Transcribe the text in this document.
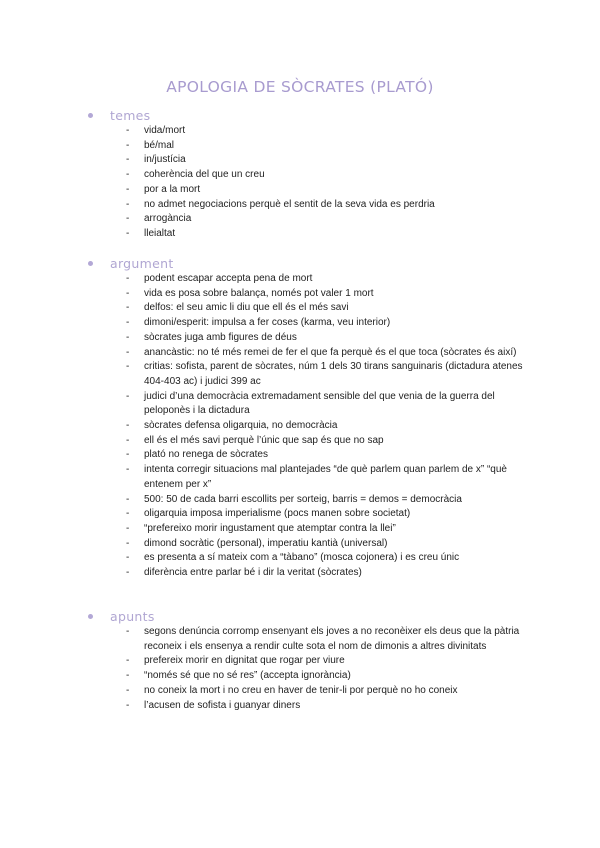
APOLOGIA DE SÒCRATES (PLATÓ)
temes
- vida/mort
- bé/mal
- in/justícia
- coherència del que un creu
- por a la mort
- no admet negociacions perquè el sentit de la seva vida es perdria
- arrogància
- lleialtat
argument
- podent escapar accepta pena de mort
- vida es posa sobre balança, només pot valer 1 mort
- delfos: el seu amic li diu que ell és el més savi
- dimoni/esperit: impulsa a fer coses (karma, veu interior)
- sòcrates juga amb figures de déus
- anancàstic: no té més remei de fer el que fa perquè és el que toca (sòcrates és així)
- critias: sofista, parent de sòcrates, núm 1 dels 30 tirans sanguinaris (dictadura atenes 404-403 ac) i judici 399 ac
- judici d’una democràcia extremadament sensible del que venia de la guerra del peloponès i la dictadura
- sòcrates defensa oligarquia, no democràcia
- ell és el més savi perquè l’únic que sap és que no sap
- plató no renega de sòcrates
- intenta corregir situacions mal plantejades “de què parlem quan parlem de x” “què entenem per x”
- 500: 50 de cada barri escollits per sorteig, barris = demos = democràcia
- oligarquia imposa imperialisme (pocs manen sobre societat)
- “prefereixo morir ingustament que atemptar contra la llei”
- dimond socràtic (personal), imperatiu kantià (universal)
- es presenta a sí mateix com a “tàbano” (mosca cojonera) i es creu únic
- diferència entre parlar bé i dir la veritat (sòcrates)
apunts
- segons denúncia corromp ensenyant els joves a no reconèixer els deus que la pàtria reconeix i els ensenya a rendir culte sota el nom de dimonis a altres divinitats
- prefereix morir en dignitat que rogar per viure
- “només sé que no sé res” (accepta ignorància)
- no coneix la mort i no creu en haver de tenir-li por perquè no ho coneix
- l’acusen de sofista i guanyar diners
